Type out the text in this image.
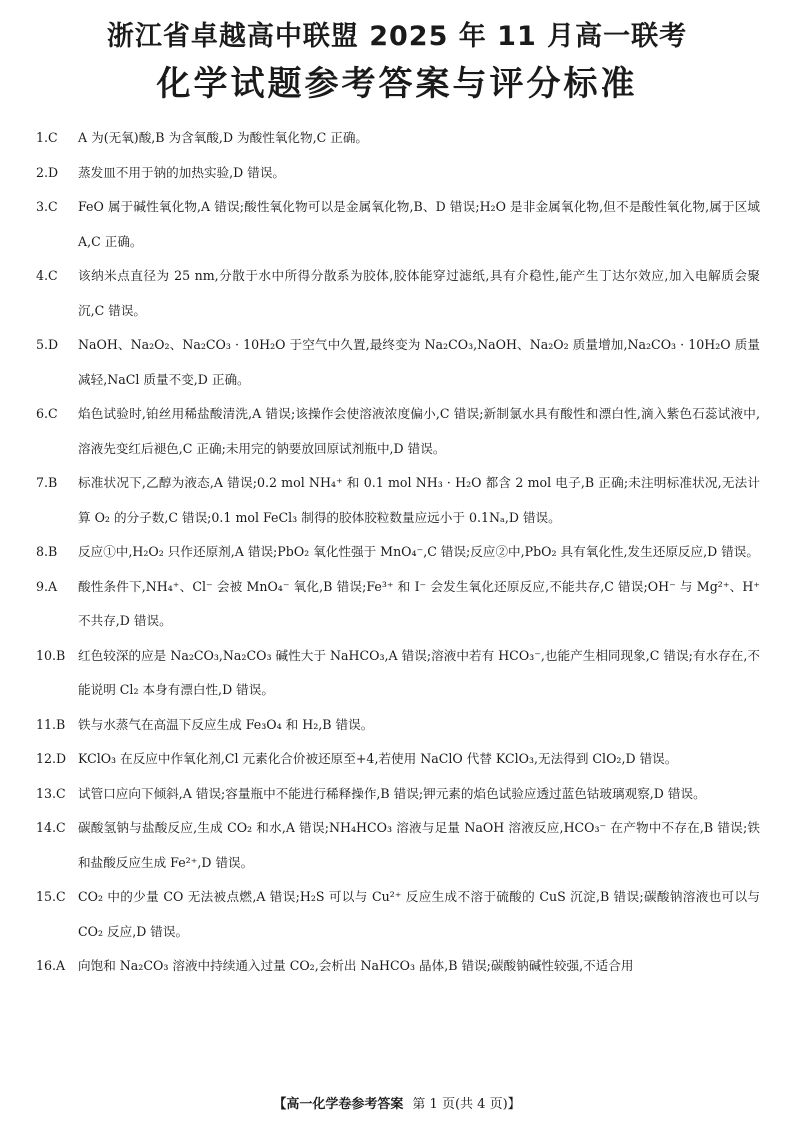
浙江省卓越高中联盟 2025 年 11 月高一联考
化学试题参考答案与评分标准
1.C	A 为(无氧)酸,B 为含氧酸,D 为酸性氧化物,C 正确。
2.D	蒸发皿不用于钠的加热实验,D 错误。
3.C	FeO 属于碱性氧化物,A 错误;酸性氧化物可以是金属氧化物,B、D 错误;H₂O 是非金属氧化物,但不是酸性氧化物,属于区域 A,C 正确。
4.C	该纳米点直径为 25 nm,分散于水中所得分散系为胶体,胶体能穿过滤纸,具有介稳性,能产生丁达尔效应,加入电解质会聚沉,C 错误。
5.D	NaOH、Na₂O₂、Na₂CO₃ · 10H₂O 于空气中久置,最终变为 Na₂CO₃,NaOH、Na₂O₂ 质量增加,Na₂CO₃ · 10H₂O 质量减轻,NaCl 质量不变,D 正确。
6.C	焰色试验时,铂丝用稀盐酸清洗,A 错误;该操作会使溶液浓度偏小,C 错误;新制氯水具有酸性和漂白性,滴入紫色石蕊试液中,溶液先变红后褪色,C 正确;未用完的钠要放回原试剂瓶中,D 错误。
7.B	标准状况下,乙醇为液态,A 错误;0.2 mol NH₄⁺ 和 0.1 mol NH₃ · H₂O 都含 2 mol 电子,B 正确;未注明标准状况,无法计算 O₂ 的分子数,C 错误;0.1 mol FeCl₃ 制得的胶体胶粒数量应远小于 0.1Nₐ,D 错误。
8.B	反应①中,H₂O₂ 只作还原剂,A 错误;PbO₂ 氧化性强于 MnO₄⁻,C 错误;反应②中,PbO₂ 具有氧化性,发生还原反应,D 错误。
9.A	酸性条件下,NH₄⁺、Cl⁻ 会被 MnO₄⁻ 氧化,B 错误;Fe³⁺ 和 I⁻ 会发生氧化还原反应,不能共存,C 错误;OH⁻ 与 Mg²⁺、H⁺ 不共存,D 错误。
10.B	红色较深的应是 Na₂CO₃,Na₂CO₃ 碱性大于 NaHCO₃,A 错误;溶液中若有 HCO₃⁻,也能产生相同现象,C 错误;有水存在,不能说明 Cl₂ 本身有漂白性,D 错误。
11.B	铁与水蒸气在高温下反应生成 Fe₃O₄ 和 H₂,B 错误。
12.D KClO₃ 在反应中作氧化剂,Cl 元素化合价被还原至+4,若使用 NaClO 代替 KClO₃,无法得到 ClO₂,D 错误。
13.C 试管口应向下倾斜,A 错误;容量瓶中不能进行稀释操作,B 错误;钾元素的焰色试验应透过蓝色钴玻璃观察,D 错误。
14.C 碳酸氢钠与盐酸反应,生成 CO₂ 和水,A 错误;NH₄HCO₃ 溶液与足量 NaOH 溶液反应,HCO₃⁻ 在产物中不存在,B 错误;铁和盐酸反应生成 Fe²⁺,D 错误。
15.C CO₂ 中的少量 CO 无法被点燃,A 错误;H₂S 可以与 Cu²⁺ 反应生成不溶于硫酸的 CuS 沉淀,B 错误;碳酸钠溶液也可以与 CO₂ 反应,D 错误。
16.A	向饱和 Na₂CO₃ 溶液中持续通入过量 CO₂,会析出 NaHCO₃ 晶体,B 错误;碳酸钠碱性较强,不适合用
【高一化学卷参考答案 第 1 页(共 4 页)】
